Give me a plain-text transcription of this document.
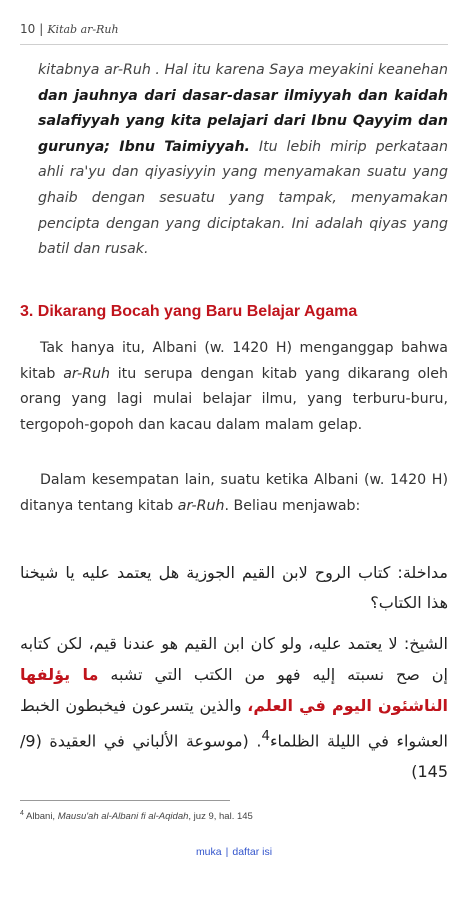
10 | Kitab ar-Ruh
kitabnya ar-Ruh . Hal itu karena Saya meyakini keanehan dan jauhnya dari dasar-dasar ilmiyyah dan kaidah salafiyyah yang kita pelajari dari Ibnu Qayyim dan gurunya; Ibnu Taimiyyah. Itu lebih mirip perkataan ahli ra'yu dan qiyasiyyin yang menyamakan suatu yang ghaib dengan sesuatu yang tampak, menyamakan pencipta dengan yang diciptakan. Ini adalah qiyas yang batil dan rusak.
3. Dikarang Bocah yang Baru Belajar Agama
Tak hanya itu, Albani (w. 1420 H) menganggap bahwa kitab ar-Ruh itu serupa dengan kitab yang dikarang oleh orang yang lagi mulai belajar ilmu, yang terburu-buru, tergopoh-gopoh dan kacau dalam malam gelap.
Dalam kesempatan lain, suatu ketika Albani (w. 1420 H) ditanya tentang kitab ar-Ruh. Beliau menjawab:
مداخلة: كتاب الروح لابن القيم الجوزية هل يعتمد عليه يا شيخنا هذا الكتاب؟
الشيخ: لا يعتمد عليه، ولو كان ابن القيم هو عندنا قيم، لكن كتابه إن صح نسبته إليه فهو من الكتب التي تشبه ما يؤلفها الناشئون اليوم في العلم، والذين يتسرعون فيخبطون الخبط العشواء في الليلة الظلماء$^4$. (موسوعة الألباني في العقيدة (9/ 145)
$^4$ Albani, Mausu'ah al-Albani fi al-Aqidah, juz 9, hal. 145
muka | daftar isi
